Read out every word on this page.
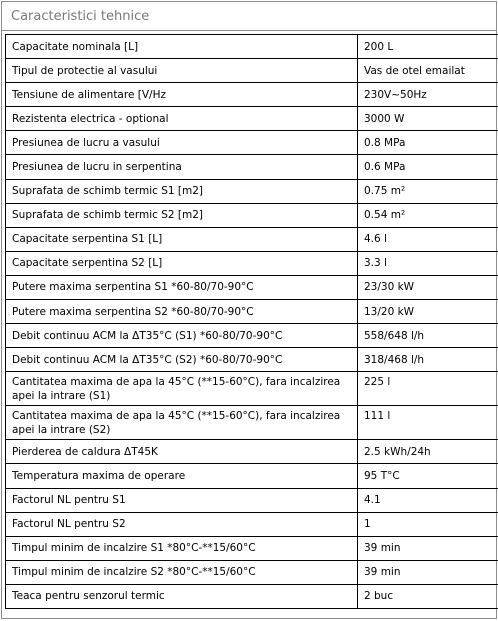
Caracteristici tehnice
Capacitate nominala [L]	200 L
Tipul de protectie al vasului	Vas de otel emailat
Tensiune de alimentare [V/Hz	230V~50Hz
Rezistenta electrica - optional	3000 W
Presiunea de lucru a vasului	0.8 MPa
Presiunea de lucru in serpentina	0.6 MPa
Suprafata de schimb termic S1 [m2]	0.75 m²
Suprafata de schimb termic S2 [m2]	0.54 m²
Capacitate serpentina S1 [L]	4.6 l
Capacitate serpentina S2 [L]	3.3 l
Putere maxima serpentina S1 *60-80/70-90°C	23/30 kW
Putere maxima serpentina S2 *60-80/70-90°C	13/20 kW
Debit continuu ACM la ΔT35°C (S1) *60-80/70-90°C	558/648 l/h
Debit continuu ACM la ΔT35°C (S2) *60-80/70-90°C	318/468 l/h
Cantitatea maxima de apa la 45°C (**15-60°C), fara incalzirea apei la intrare (S1)	225 l
Cantitatea maxima de apa la 45°C (**15-60°C), fara incalzirea apei la intrare (S2)	111 l
Pierderea de caldura ΔT45K	2.5 kWh/24h
Temperatura maxima de operare	95 T°C
Factorul NL pentru S1	4.1
Factorul NL pentru S2	1
Timpul minim de incalzire S1 *80°C-**15/60°C	39 min
Timpul minim de incalzire S2 *80°C-**15/60°C	39 min
Teaca pentru senzorul termic	2 buc
